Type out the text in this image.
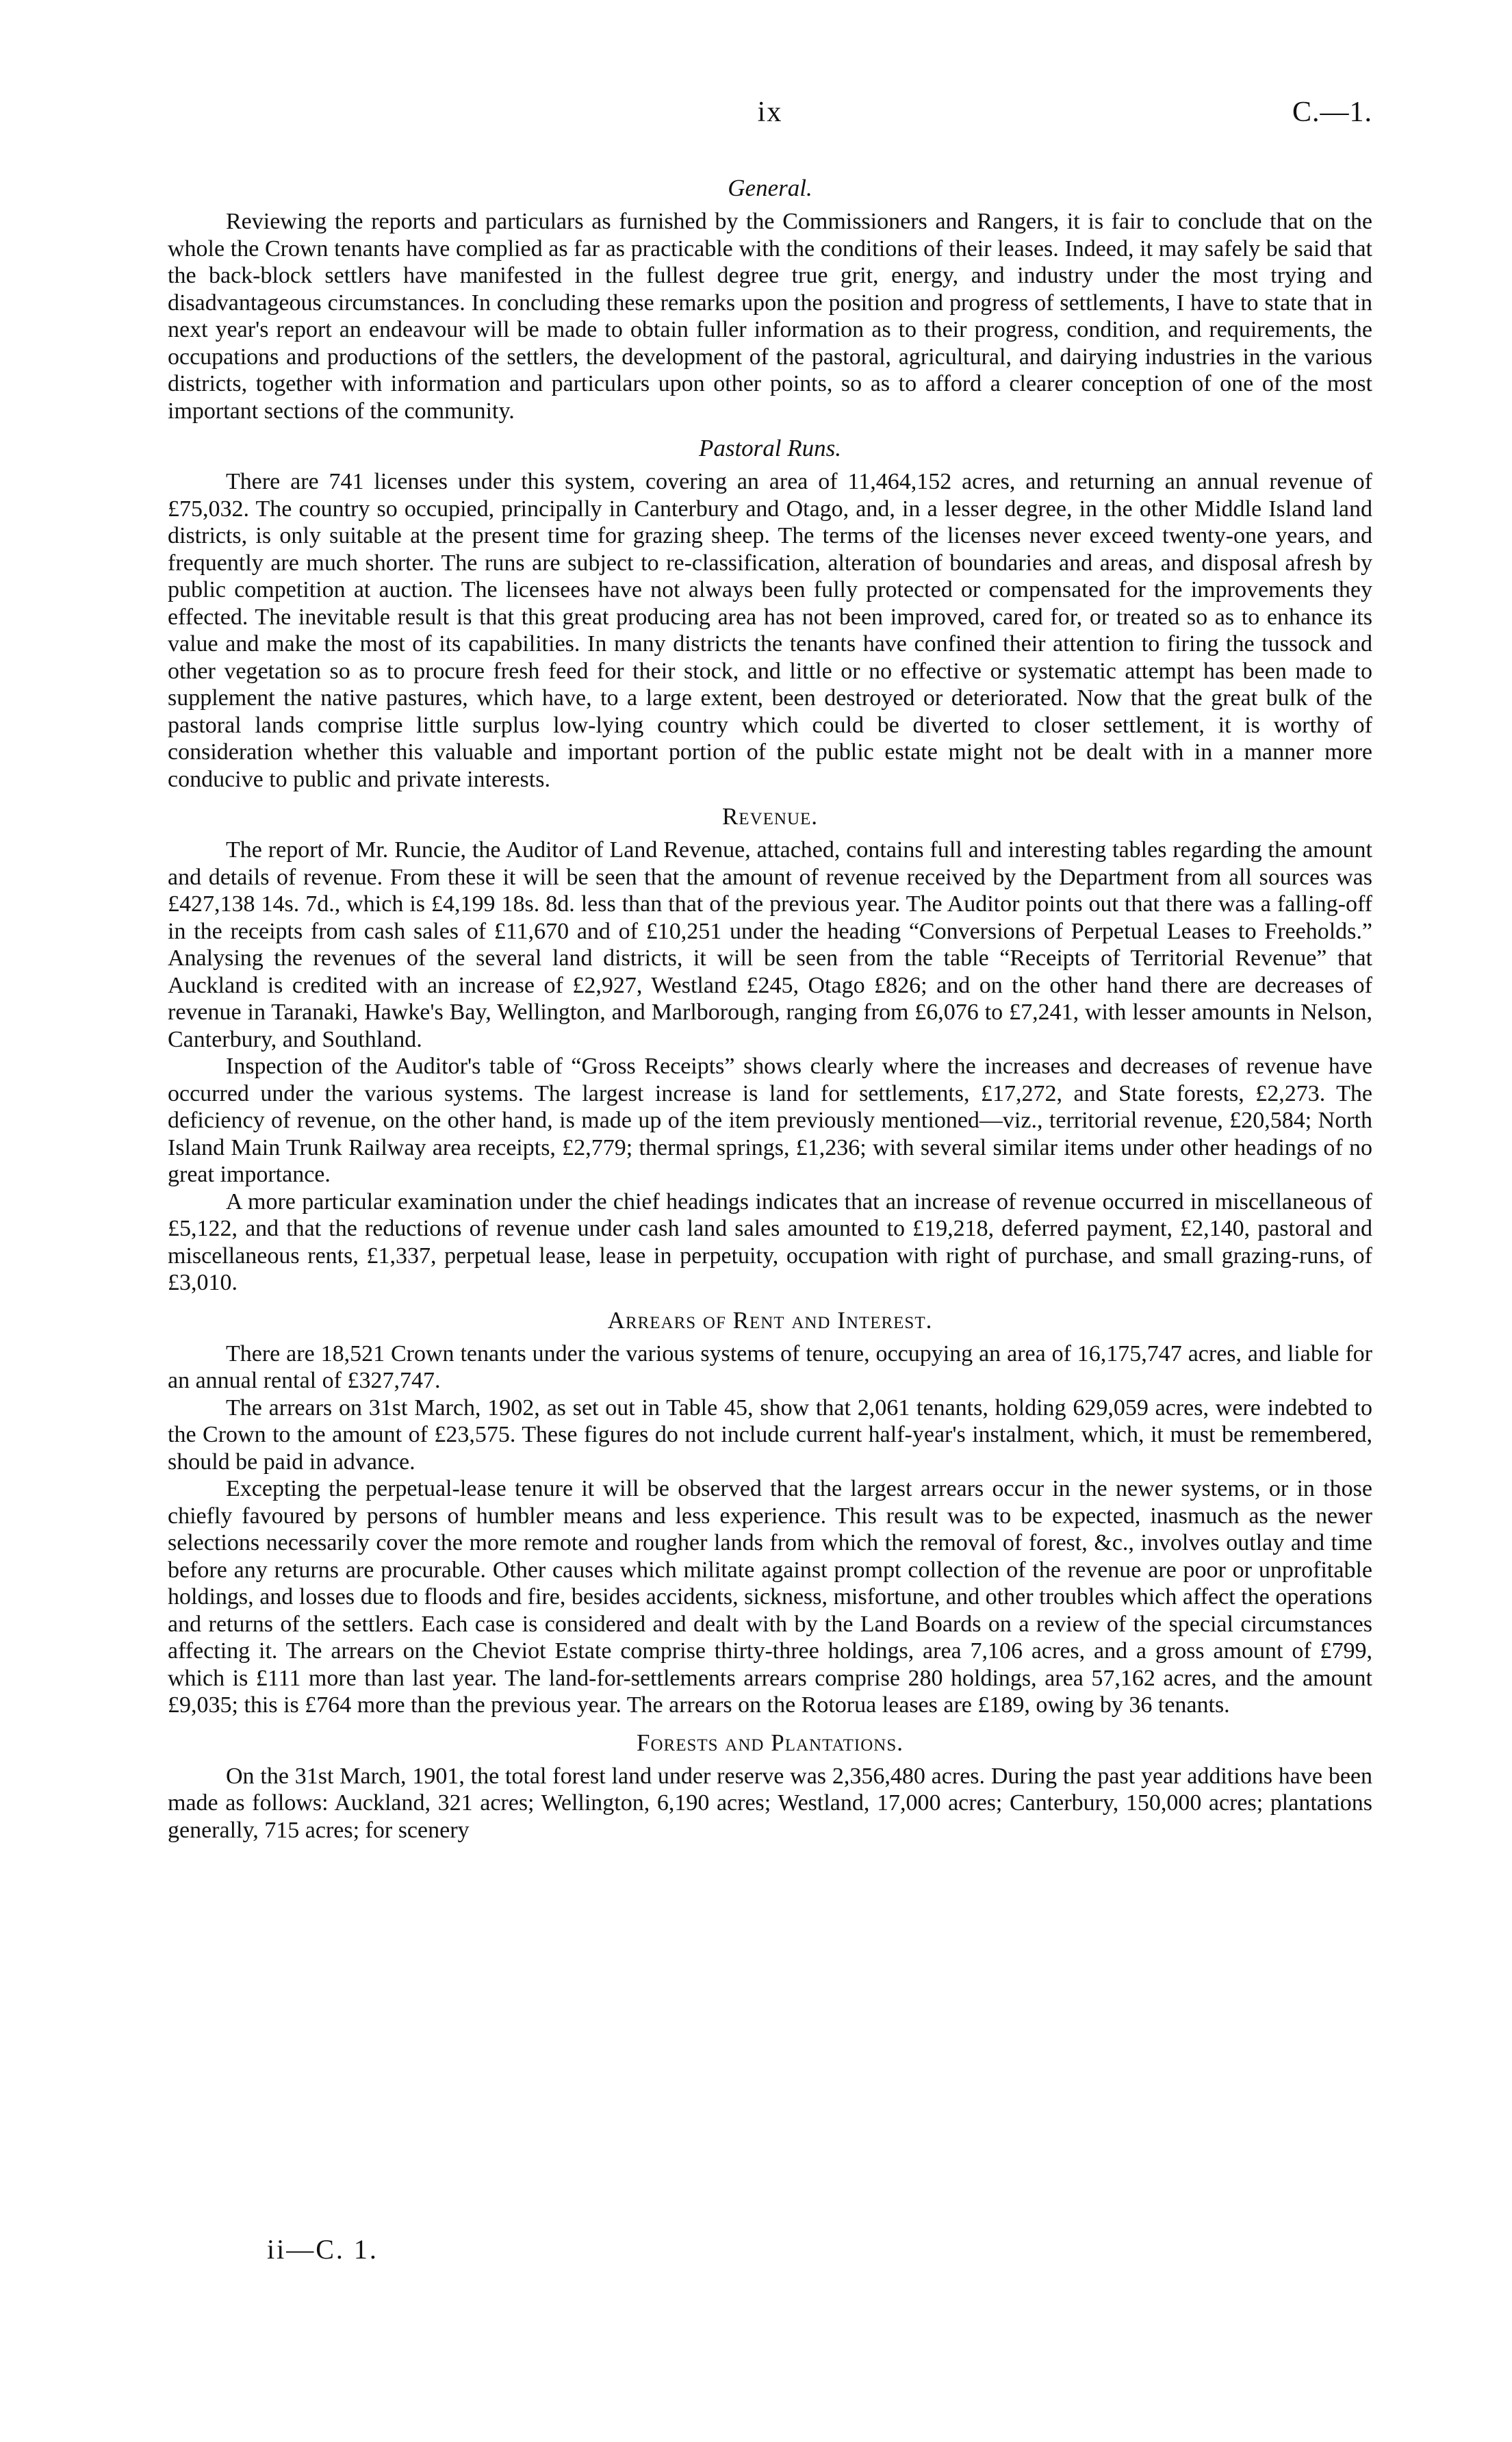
ix	C.—1.
General.

Reviewing the reports and particulars as furnished by the Commissioners and Rangers, it is fair to conclude that on the whole the Crown tenants have complied as far as practicable with the conditions of their leases. Indeed, it may safely be said that the back-block settlers have manifested in the fullest degree true grit, energy, and industry under the most trying and disadvantageous circumstances. In concluding these remarks upon the position and progress of settlements, I have to state that in next year's report an endeavour will be made to obtain fuller information as to their progress, condition, and requirements, the occupations and productions of the settlers, the development of the pastoral, agricultural, and dairying industries in the various districts, together with information and particulars upon other points, so as to afford a clearer conception of one of the most important sections of the community.

Pastoral Runs.

There are 741 licenses under this system, covering an area of 11,464,152 acres, and returning an annual revenue of £75,032. The country so occupied, principally in Canterbury and Otago, and, in a lesser degree, in the other Middle Island land districts, is only suitable at the present time for grazing sheep. The terms of the licenses never exceed twenty-one years, and frequently are much shorter. The runs are subject to re-classification, alteration of boundaries and areas, and disposal afresh by public competition at auction. The licensees have not always been fully protected or compensated for the improvements they effected. The inevitable result is that this great producing area has not been improved, cared for, or treated so as to enhance its value and make the most of its capabilities. In many districts the tenants have confined their attention to firing the tussock and other vegetation so as to procure fresh feed for their stock, and little or no effective or systematic attempt has been made to supplement the native pastures, which have, to a large extent, been destroyed or deteriorated. Now that the great bulk of the pastoral lands comprise little surplus low-lying country which could be diverted to closer settlement, it is worthy of consideration whether this valuable and important portion of the public estate might not be dealt with in a manner more conducive to public and private interests.

Revenue.

The report of Mr. Runcie, the Auditor of Land Revenue, attached, contains full and interesting tables regarding the amount and details of revenue. From these it will be seen that the amount of revenue received by the Department from all sources was £427,138 14s. 7d., which is £4,199 18s. 8d. less than that of the previous year. The Auditor points out that there was a falling-off in the receipts from cash sales of £11,670 and of £10,251 under the heading “Conversions of Perpetual Leases to Freeholds.” Analysing the revenues of the several land districts, it will be seen from the table “Receipts of Territorial Revenue” that Auckland is credited with an increase of £2,927, Westland £245, Otago £826; and on the other hand there are decreases of revenue in Taranaki, Hawke's Bay, Wellington, and Marlborough, ranging from £6,076 to £7,241, with lesser amounts in Nelson, Canterbury, and Southland.

Inspection of the Auditor's table of “Gross Receipts” shows clearly where the increases and decreases of revenue have occurred under the various systems. The largest increase is land for settlements, £17,272, and State forests, £2,273. The deficiency of revenue, on the other hand, is made up of the item previously mentioned—viz., territorial revenue, £20,584; North Island Main Trunk Railway area receipts, £2,779; thermal springs, £1,236; with several similar items under other headings of no great importance.

A more particular examination under the chief headings indicates that an increase of revenue occurred in miscellaneous of £5,122, and that the reductions of revenue under cash land sales amounted to £19,218, deferred payment, £2,140, pastoral and miscellaneous rents, £1,337, perpetual lease, lease in perpetuity, occupation with right of purchase, and small grazing-runs, of £3,010.

Arrears of Rent and Interest.

There are 18,521 Crown tenants under the various systems of tenure, occupying an area of 16,175,747 acres, and liable for an annual rental of £327,747.

The arrears on 31st March, 1902, as set out in Table 45, show that 2,061 tenants, holding 629,059 acres, were indebted to the Crown to the amount of £23,575. These figures do not include current half-year's instalment, which, it must be remembered, should be paid in advance.

Excepting the perpetual-lease tenure it will be observed that the largest arrears occur in the newer systems, or in those chiefly favoured by persons of humbler means and less experience. This result was to be expected, inasmuch as the newer selections necessarily cover the more remote and rougher lands from which the removal of forest, &c., involves outlay and time before any returns are procurable. Other causes which militate against prompt collection of the revenue are poor or unprofitable holdings, and losses due to floods and fire, besides accidents, sickness, misfortune, and other troubles which affect the operations and returns of the settlers. Each case is considered and dealt with by the Land Boards on a review of the special circumstances affecting it. The arrears on the Cheviot Estate comprise thirty-three holdings, area 7,106 acres, and a gross amount of £799, which is £111 more than last year. The land-for-settlements arrears comprise 280 holdings, area 57,162 acres, and the amount £9,035; this is £764 more than the previous year. The arrears on the Rotorua leases are £189, owing by 36 tenants.

Forests and Plantations.

On the 31st March, 1901, the total forest land under reserve was 2,356,480 acres. During the past year additions have been made as follows: Auckland, 321 acres; Wellington, 6,190 acres; Westland, 17,000 acres; Canterbury, 150,000 acres; plantations generally, 715 acres; for scenery

ii—C. 1.
